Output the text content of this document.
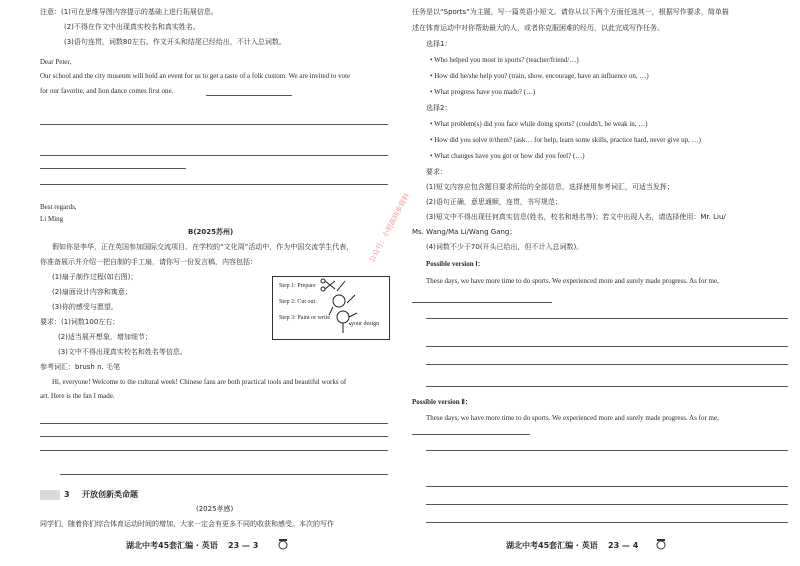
注意：(1)可在思维导图内容提示的基础上进行拓展信息。
(2)不得在作文中出现真实校名和真实姓名。
(3)语句连贯，词数80左右。作文开头和结尾已经给出，不计入总词数。
Dear Peter,
Our school and the city museum will hold an event for us to get a taste of a folk custom. We are invited to vote
for our favorite, and lion dance comes first one.
Best regards,
Li Ming
B(2025苏州)
假如你是李华，正在英国参加国际交流项目。在学校的“文化周”活动中，作为中国交流学生代表，
你准备展示并介绍一把自制的手工扇，请你写一份发言稿，内容包括：
(1)扇子制作过程(如右图)；
(2)扇面设计内容和寓意；
(3)你的感受与愿望。
要求：(1)词数100左右；
(2)适当展开想象，增加细节；
(3)文中不得出现真实校名和姓名等信息。
参考词汇：brush n. 毛笔
Hi, everyone! Welcome to the cultural week! Chinese fans are both practical tools and beautiful works of
art. Here is the fan I made.
Step 1: Prepare
Step 2: Cut out
Step 3: Paint or write
your design
3 开放创新类命题
(2025孝感)
同学们，随着你们综合体育运动时间的增加，大家一定会有更多不同的收获和感受。本次的写作
湖北中考45套汇编 · 英语 23 — 3
任务是以“Sports”为主题，写一篇英语小短文。请你从以下两个方面任选其一，根据写作要求，简单描
述在体育运动中对你帮助最大的人，或者你克服困难的经历，以此完成写作任务。
选择1：
• Who helped you most in sports? (teacher/friend/…)
• How did he/she help you? (train, show, encourage, have an influence on, …)
• What progress have you made? (…)
选择2：
• What problem(s) did you face while doing sports? (couldn't, be weak in, …)
• How did you solve it/them? (ask… for help, learn some skills, practice hard, never give up, …)
• What changes have you got or how did you feel? (…)
要求：
(1)短文内容应包含题目要求所给的全部信息，选择使用参考词汇，可适当发挥；
(2)语句正确，意思通顺，连贯，书写规范；
(3)短文中不得出现任何真实信息(姓名，校名和地名等)；若文中出现人名，请选择使用：Mr. Liu/
Ms. Wang/Ma Li/Wang Gang；
(4)词数不少于70(开头已给出，但不计入总词数)。
Possible version Ⅰ：
These days, we have more time to do sports. We experienced more and surely made progress. As for me,
Possible version Ⅱ：
These days, we have more time to do sports. We experienced more and surely made progress. As for me,
湖北中考45套汇编 · 英语 23 — 4
公众号：小初高同步资料
